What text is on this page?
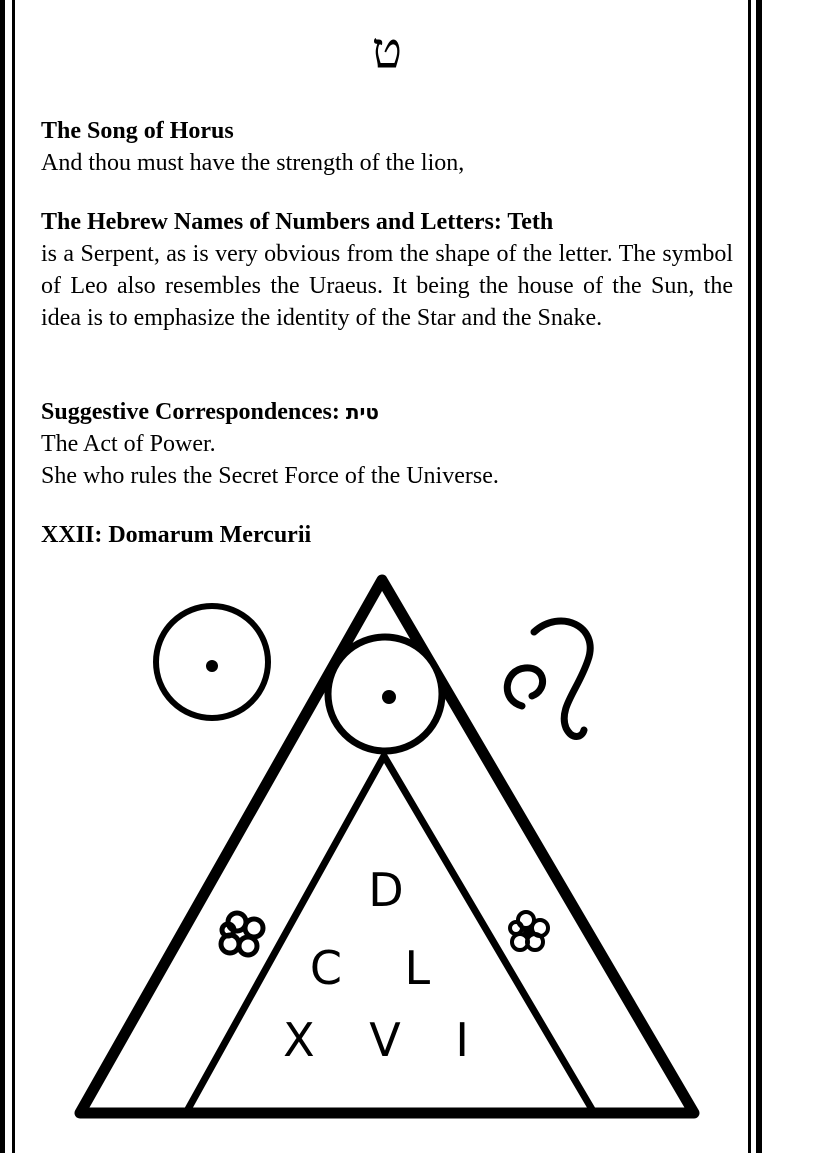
ט

The Song of Horus

And thou must have the strength of the lion,

The Hebrew Names of Numbers and Letters: Teth

is a Serpent, as is very obvious from the shape of the letter. The symbol of Leo also resembles the Uraeus. It being the house of the Sun, the idea is to emphasize the identity of the Star and the Snake.

Suggestive Correspondences: טית

The Act of Power.
She who rules the Secret Force of the Universe.

XXII: Domarum Mercurii

D
C L
X V I
